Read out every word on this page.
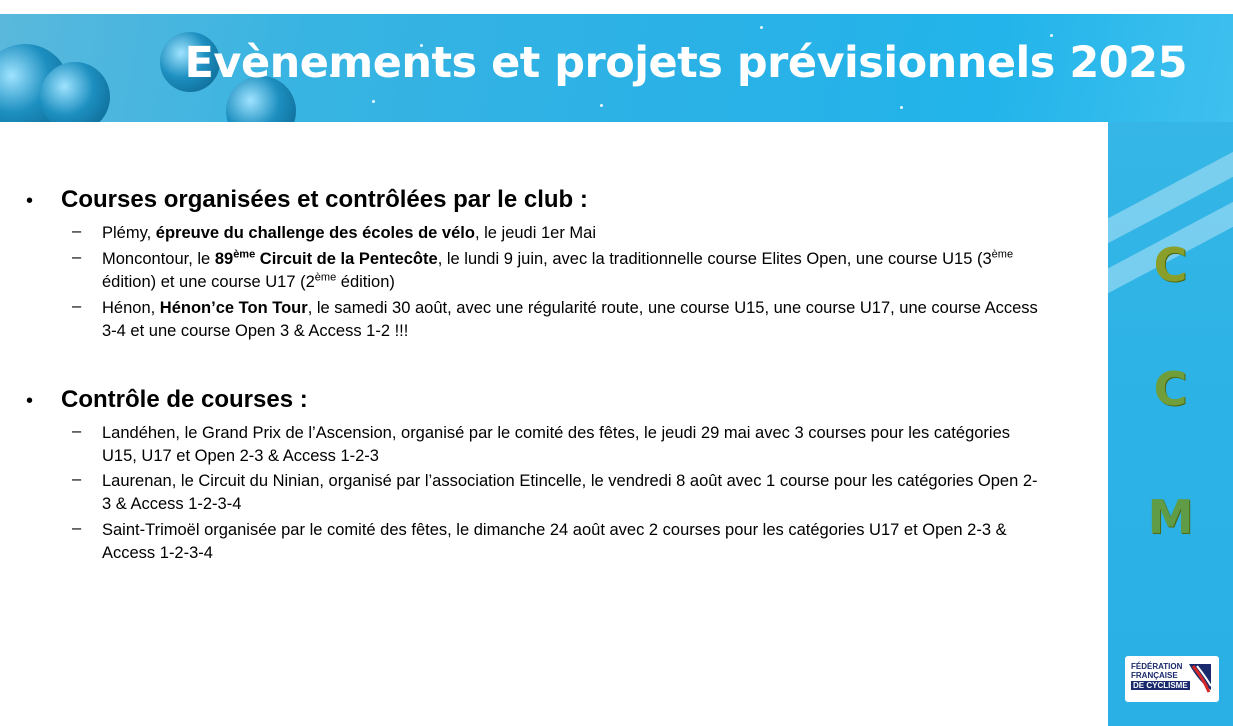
Evènements et projets prévisionnels 2025
C
C
M
FÉDÉRATION
FRANÇAISE
DE CYCLISME
• Courses organisées et contrôlées par le club :
– Plémy, épreuve du challenge des écoles de vélo, le jeudi 1er Mai
– Moncontour, le 89ème Circuit de la Pentecôte, le lundi 9 juin, avec la traditionnelle course Elites Open, une course U15 (3ème édition) et une course U17 (2ème édition)
– Hénon, Hénon’ce Ton Tour, le samedi 30 août, avec une régularité route, une course U15, une course U17, une course Access 3-4 et une course Open 3 & Access 1-2 !!!
• Contrôle de courses :
– Landéhen, le Grand Prix de l’Ascension, organisé par le comité des fêtes, le jeudi 29 mai avec 3 courses pour les catégories U15, U17 et Open 2-3 & Access 1-2-3
– Laurenan, le Circuit du Ninian, organisé par l’association Etincelle, le vendredi 8 août avec 1 course pour les catégories Open 2-3 & Access 1-2-3-4
– Saint-Trimoël organisée par le comité des fêtes, le dimanche 24 août avec 2 courses pour les catégories U17 et Open 2-3 & Access 1-2-3-4
